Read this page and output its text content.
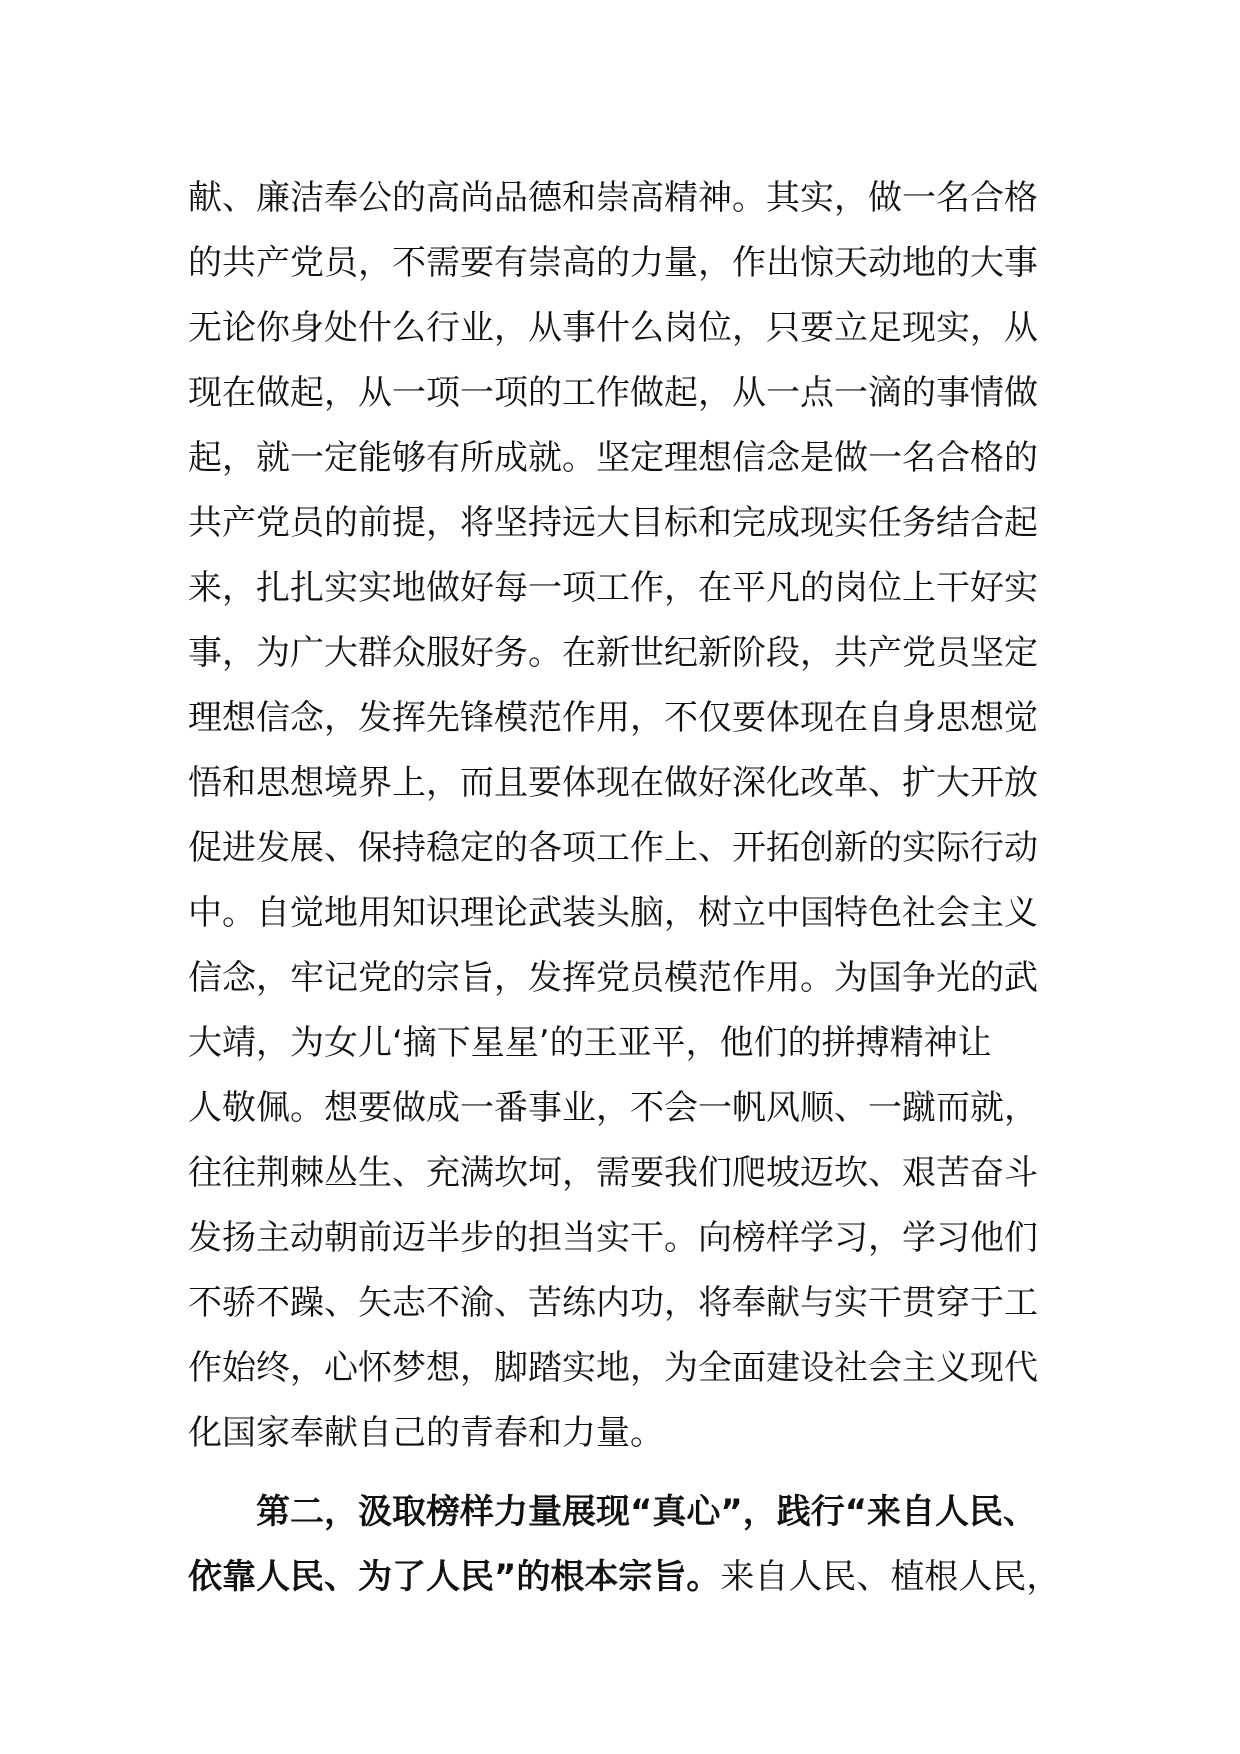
献、廉洁奉公的高尚品德和崇高精神。其实，做一名合格
的共产党员，不需要有崇高的力量，作出惊天动地的大事
无论你身处什么行业，从事什么岗位，只要立足现实，从
现在做起，从一项一项的工作做起，从一点一滴的事情做
起，就一定能够有所成就。坚定理想信念是做一名合格的
共产党员的前提，将坚持远大目标和完成现实任务结合起
来，扎扎实实地做好每一项工作，在平凡的岗位上干好实
事，为广大群众服好务。在新世纪新阶段，共产党员坚定
理想信念，发挥先锋模范作用，不仅要体现在自身思想觉
悟和思想境界上，而且要体现在做好深化改革、扩大开放
促进发展、保持稳定的各项工作上、开拓创新的实际行动
中。自觉地用知识理论武装头脑，树立中国特色社会主义
信念，牢记党的宗旨，发挥党员模范作用。为国争光的武
大靖，为女儿‘摘下星星’的王亚平，他们的拼搏精神让
人敬佩。想要做成一番事业，不会一帆风顺、一蹴而就，
往往荆棘丛生、充满坎坷，需要我们爬坡迈坎、艰苦奋斗
发扬主动朝前迈半步的担当实干。向榜样学习，学习他们
不骄不躁、矢志不渝、苦练内功，将奉献与实干贯穿于工
作始终，心怀梦想，脚踏实地，为全面建设社会主义现代
化国家奉献自己的青春和力量。
第二，汲取榜样力量展现“真心”，践行“来自人民、
依靠人民、为了人民”的根本宗旨。来自人民、植根人民，
